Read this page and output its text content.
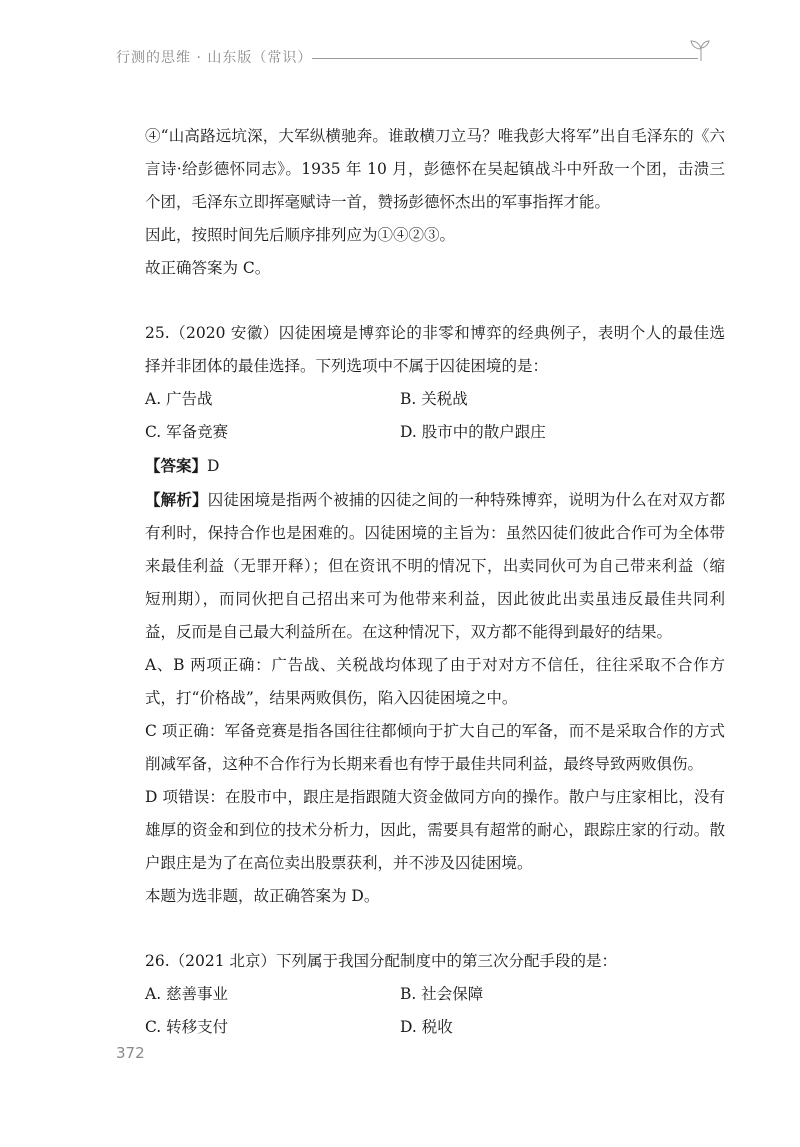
行测的思维 · 山东版（常识）

④“山高路远坑深，大军纵横驰奔。谁敢横刀立马？唯我彭大将军”出自毛泽东的《六言诗·给彭德怀同志》。1935 年 10 月，彭德怀在吴起镇战斗中歼敌一个团，击溃三个团，毛泽东立即挥毫赋诗一首，赞扬彭德怀杰出的军事指挥才能。

因此，按照时间先后顺序排列应为①④②③。

故正确答案为 C。

25.（2020 安徽）囚徒困境是博弈论的非零和博弈的经典例子，表明个人的最佳选择并非团体的最佳选择。下列选项中不属于囚徒困境的是：

A. 广告战	B. 关税战
C. 军备竞赛	D. 股市中的散户跟庄

【答案】D

【解析】囚徒困境是指两个被捕的囚徒之间的一种特殊博弈，说明为什么在对双方都有利时，保持合作也是困难的。囚徒困境的主旨为：虽然囚徒们彼此合作可为全体带来最佳利益（无罪开释）；但在资讯不明的情况下，出卖同伙可为自己带来利益（缩短刑期），而同伙把自己招出来可为他带来利益，因此彼此出卖虽违反最佳共同利益，反而是自己最大利益所在。在这种情况下，双方都不能得到最好的结果。

A、B 两项正确：广告战、关税战均体现了由于对对方不信任，往往采取不合作方式，打“价格战”，结果两败俱伤，陷入囚徒困境之中。

C 项正确：军备竞赛是指各国往往都倾向于扩大自己的军备，而不是采取合作的方式削减军备，这种不合作行为长期来看也有悖于最佳共同利益，最终导致两败俱伤。

D 项错误：在股市中，跟庄是指跟随大资金做同方向的操作。散户与庄家相比，没有雄厚的资金和到位的技术分析力，因此，需要具有超常的耐心，跟踪庄家的行动。散户跟庄是为了在高位卖出股票获利，并不涉及囚徒困境。

本题为选非题，故正确答案为 D。

26.（2021 北京）下列属于我国分配制度中的第三次分配手段的是：

A. 慈善事业	B. 社会保障
C. 转移支付	D. 税收
372
